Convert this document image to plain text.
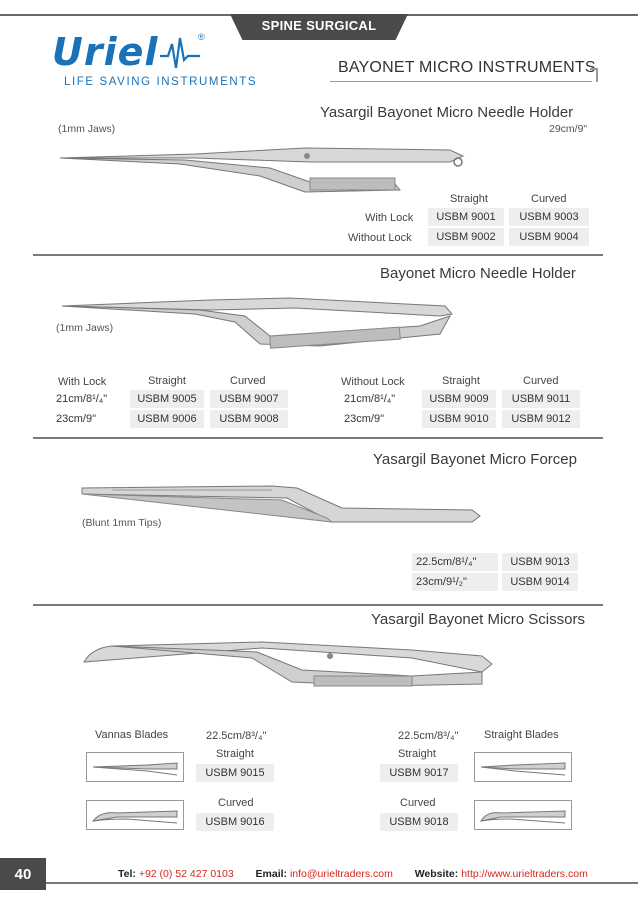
SPINE SURGICAL
Uriel	®
LIFE SAVING INSTRUMENTS
BAYONET MICRO INSTRUMENTS
Yasargil Bayonet Micro Needle Holder
(1mm Jaws)	29cm/9"
Straight	Curved
With Lock	USBM 9001	USBM 9003
Without Lock	USBM 9002	USBM 9004
Bayonet Micro Needle Holder
(1mm Jaws)
With Lock	Straight	Curved
21cm/8¹/₄"	USBM 9005	USBM 9007
23cm/9"	USBM 9006	USBM 9008
Without Lock	Straight	Curved
21cm/8¹/₄"	USBM 9009	USBM 9011
23cm/9"	USBM 9010	USBM 9012
Yasargil Bayonet Micro Forcep
(Blunt 1mm Tips)
22.5cm/8¹/₄"	USBM 9013
23cm/9¹/₂"	USBM 9014
Yasargil Bayonet Micro Scissors
Vannas Blades	22.5cm/8³/₄"
Straight
USBM 9015
Curved
USBM 9016
22.5cm/8³/₄" Straight Blades
Straight
USBM 9017
Curved
USBM 9018
40	Tel: +92 (0) 52 427 0103 Email: info@urieltraders.com Website: http://www.urieltraders.com
